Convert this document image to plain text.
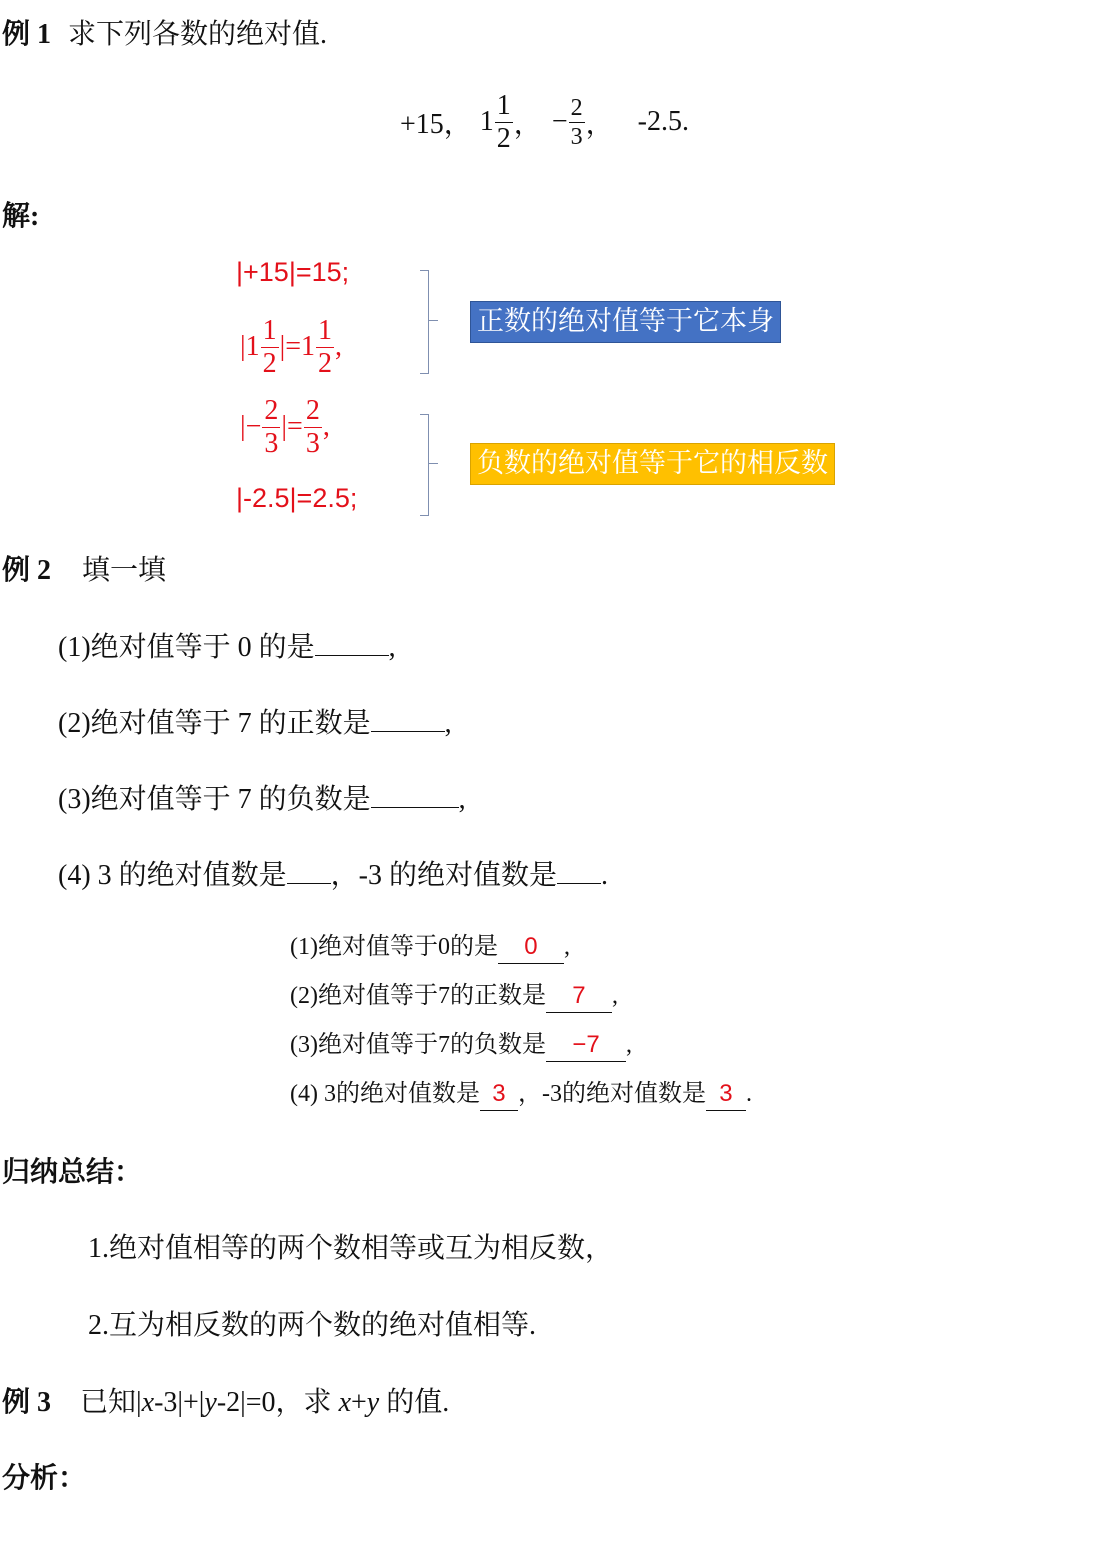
例 1 求下列各数的绝对值.
+15， $1 \frac{1}{2}$ ， − $\frac{2}{3}$ ， -2.5.
解:
|+15|=15;
$|1 \frac{1}{2} |=1 \frac{1}{2}$ ,
|− $\frac{2}{3}$ |= $\frac{2}{3}$ ,
|-2.5|=2.5;
正数的绝对值等于它本身
负数的绝对值等于它的相反数
例 2 填一填
(1)绝对值等于 0 的是	,
(2)绝对值等于 7 的正数是	,
(3)绝对值等于 7 的负数是	,
(4) 3 的绝对值数是 ，-3 的绝对值数是 .
(1)绝对值等于0的是 0 ,
(2)绝对值等于7的正数是 7 ,
(3)绝对值等于7的负数是 −7 ,
(4) 3的绝对值数是 3 ，-3的绝对值数是 3 .
归纳总结：
1.绝对值相等的两个数相等或互为相反数，
2.互为相反数的两个数的绝对值相等.
例 3 已知|x-3|+|y-2|=0，求 x+y 的值.
分析：
